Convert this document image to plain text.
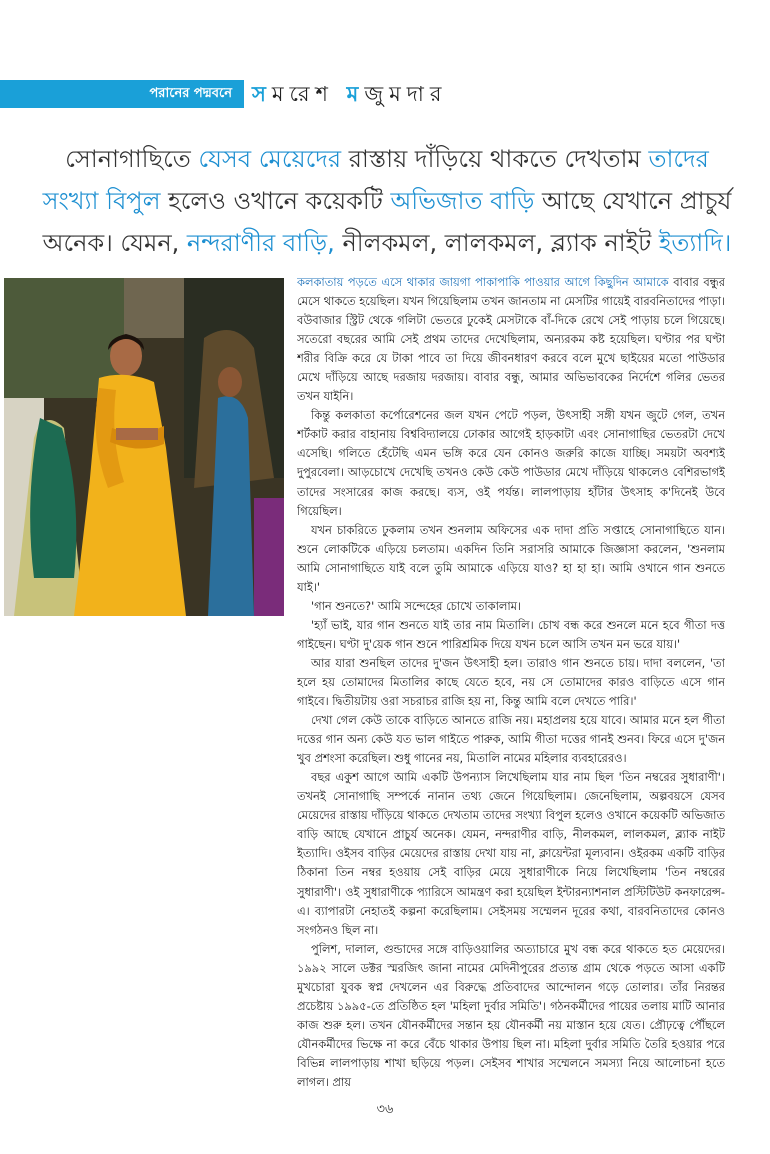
পরানের পদ্মবনে সমরেশ মজুমদার
সোনাগাছিতে যেসব মেয়েদের রাস্তায় দাঁড়িয়ে থাকতে দেখতাম তাদের সংখ্যা বিপুল হলেও ওখানে কয়েকটি অভিজাত বাড়ি আছে যেখানে প্রাচুর্য অনেক। যেমন, নন্দরাণীর বাড়ি, নীলকমল, লালকমল, ব্ল্যাক নাইট ইত্যাদি।

কলকাতায় পড়তে এসে থাকার জায়গা পাকাপাকি পাওয়ার আগে কিছুদিন আমাকে বাবার বন্ধুর মেসে থাকতে হয়েছিল। যখন গিয়েছিলাম তখন জানতাম না মেসটির গায়েই বারবনিতাদের পাড়া। বউবাজার স্ট্রিট থেকে গলিটা ভেতরে ঢুকেই মেসটাকে বাঁ-দিকে রেখে সেই পাড়ায় চলে গিয়েছে। সতেরো বছরের আমি সেই প্রথম তাদের দেখেছিলাম, অন্যরকম কষ্ট হয়েছিল। ঘণ্টার পর ঘণ্টা শরীর বিক্রি করে যে টাকা পাবে তা দিয়ে জীবনধারণ করবে বলে মুখে ছাইয়ের মতো পাউডার মেখে দাঁড়িয়ে আছে দরজায় দরজায়। বাবার বন্ধু, আমার অভিভাবকের নির্দেশে গলির ভেতর তখন যাইনি।

কিন্তু কলকাতা কর্পোরেশনের জল যখন পেটে পড়ল, উৎসাহী সঙ্গী যখন জুটে গেল, তখন শর্টকাট করার বাহানায় বিশ্ববিদ্যালয়ে ঢোকার আগেই হাড়কাটা এবং সোনাগাছির ভেতরটা দেখে এসেছি। গলিতে হেঁটেছি এমন ভঙ্গি করে যেন কোনও জরুরি কাজে যাচ্ছি। সময়টা অবশ্যই দুপুরবেলা। আড়চোখে দেখেছি তখনও কেউ কেউ পাউডার মেখে দাঁড়িয়ে থাকলেও বেশিরভাগই তাদের সংসারের কাজ করছে। ব্যস, ওই পর্যন্ত। লালপাড়ায় হাঁটার উৎসাহ ক'দিনেই উবে গিয়েছিল।

যখন চাকরিতে ঢুকলাম তখন শুনলাম অফিসের এক দাদা প্রতি সপ্তাহে সোনাগাছিতে যান। শুনে লোকটিকে এড়িয়ে চলতাম। একদিন তিনি সরাসরি আমাকে জিজ্ঞাসা করলেন, 'শুনলাম আমি সোনাগাছিতে যাই বলে তুমি আমাকে এড়িয়ে যাও? হা হা হা। আমি ওখানে গান শুনতে যাই।'

'গান শুনতে?' আমি সন্দেহের চোখে তাকালাম।

'হ্যাঁ ভাই, যার গান শুনতে যাই তার নাম মিতালি। চোখ বন্ধ করে শুনলে মনে হবে গীতা দত্ত গাইছেন। ঘণ্টা দু'য়েক গান শুনে পারিশ্রমিক দিয়ে যখন চলে আসি তখন মন ভরে যায়।'

আর যারা শুনছিল তাদের দু'জন উৎসাহী হল। তারাও গান শুনতে চায়। দাদা বললেন, 'তা হলে হয় তোমাদের মিতালির কাছে যেতে হবে, নয় সে তোমাদের কারও বাড়িতে এসে গান গাইবে। দ্বিতীয়টায় ওরা সচরাচর রাজি হয় না, কিন্তু আমি বলে দেখতে পারি।'

দেখা গেল কেউ তাকে বাড়িতে আনতে রাজি নয়। মহাপ্রলয় হয়ে যাবে। আমার মনে হল গীতা দত্তের গান অন্য কেউ যত ভাল গাইতে পারুক, আমি গীতা দত্তের গানই শুনব। ফিরে এসে দু'জন খুব প্রশংসা করেছিল। শুধু গানের নয়, মিতালি নামের মহিলার ব্যবহারেরও।

বছর একুশ আগে আমি একটি উপন্যাস লিখেছিলাম যার নাম ছিল 'তিন নম্বরের সুধারাণী'। তখনই সোনাগাছি সম্পর্কে নানান তথ্য জেনে গিয়েছিলাম। জেনেছিলাম, অল্পবয়সে যেসব মেয়েদের রাস্তায় দাঁড়িয়ে থাকতে দেখতাম তাদের সংখ্যা বিপুল হলেও ওখানে কয়েকটি অভিজাত বাড়ি আছে যেখানে প্রাচুর্য অনেক। যেমন, নন্দরাণীর বাড়ি, নীলকমল, লালকমল, ব্ল্যাক নাইট ইত্যাদি। ওইসব বাড়ির মেয়েদের রাস্তায় দেখা যায় না, ক্লায়েন্টরা মূল্যবান। ওইরকম একটি বাড়ির ঠিকানা তিন নম্বর হওয়ায় সেই বাড়ির মেয়ে সুধারাণীকে নিয়ে লিখেছিলাম 'তিন নম্বরের সুধারাণী'। ওই সুধারাণীকে প্যারিসে আমন্ত্রণ করা হয়েছিল ইন্টারন্যাশনাল প্রস্টিটিউট কনফারেন্স-এ। ব্যাপারটা নেহাতই কল্পনা করেছিলাম। সেইসময় সম্মেলন দূরের কথা, বারবনিতাদের কোনও সংগঠনও ছিল না।

পুলিশ, দালাল, গুন্ডাদের সঙ্গে বাড়িওয়ালির অত্যাচারে মুখ বন্ধ করে থাকতে হত মেয়েদের। ১৯৯২ সালে ডক্টর স্মরজিৎ জানা নামের মেদিনীপুরের প্রত্যন্ত গ্রাম থেকে পড়তে আসা একটি মুখচোরা যুবক স্বপ্ন দেখলেন এর বিরুদ্ধে প্রতিবাদের আন্দোলন গড়ে তোলার। তাঁর নিরন্তর প্রচেষ্টায় ১৯৯৫-তে প্রতিষ্ঠিত হল 'মহিলা দুর্বার সমিতি'। গঠনকর্মীদের পায়ের তলায় মাটি আনার কাজ শুরু হল। তখন যৌনকর্মীদের সন্তান হয় যৌনকর্মী নয় মাস্তান হয়ে যেত। প্রৌঢ়ত্বে পৌঁছলে যৌনকর্মীদের ভিক্ষে না করে বেঁচে থাকার উপায় ছিল না। মহিলা দুর্বার সমিতি তৈরি হওয়ার পরে বিভিন্ন লালপাড়ায় শাখা ছড়িয়ে পড়ল। সেইসব শাখার সম্মেলনে সমস্যা নিয়ে আলোচনা হতে লাগল। প্রায়

৩৬
